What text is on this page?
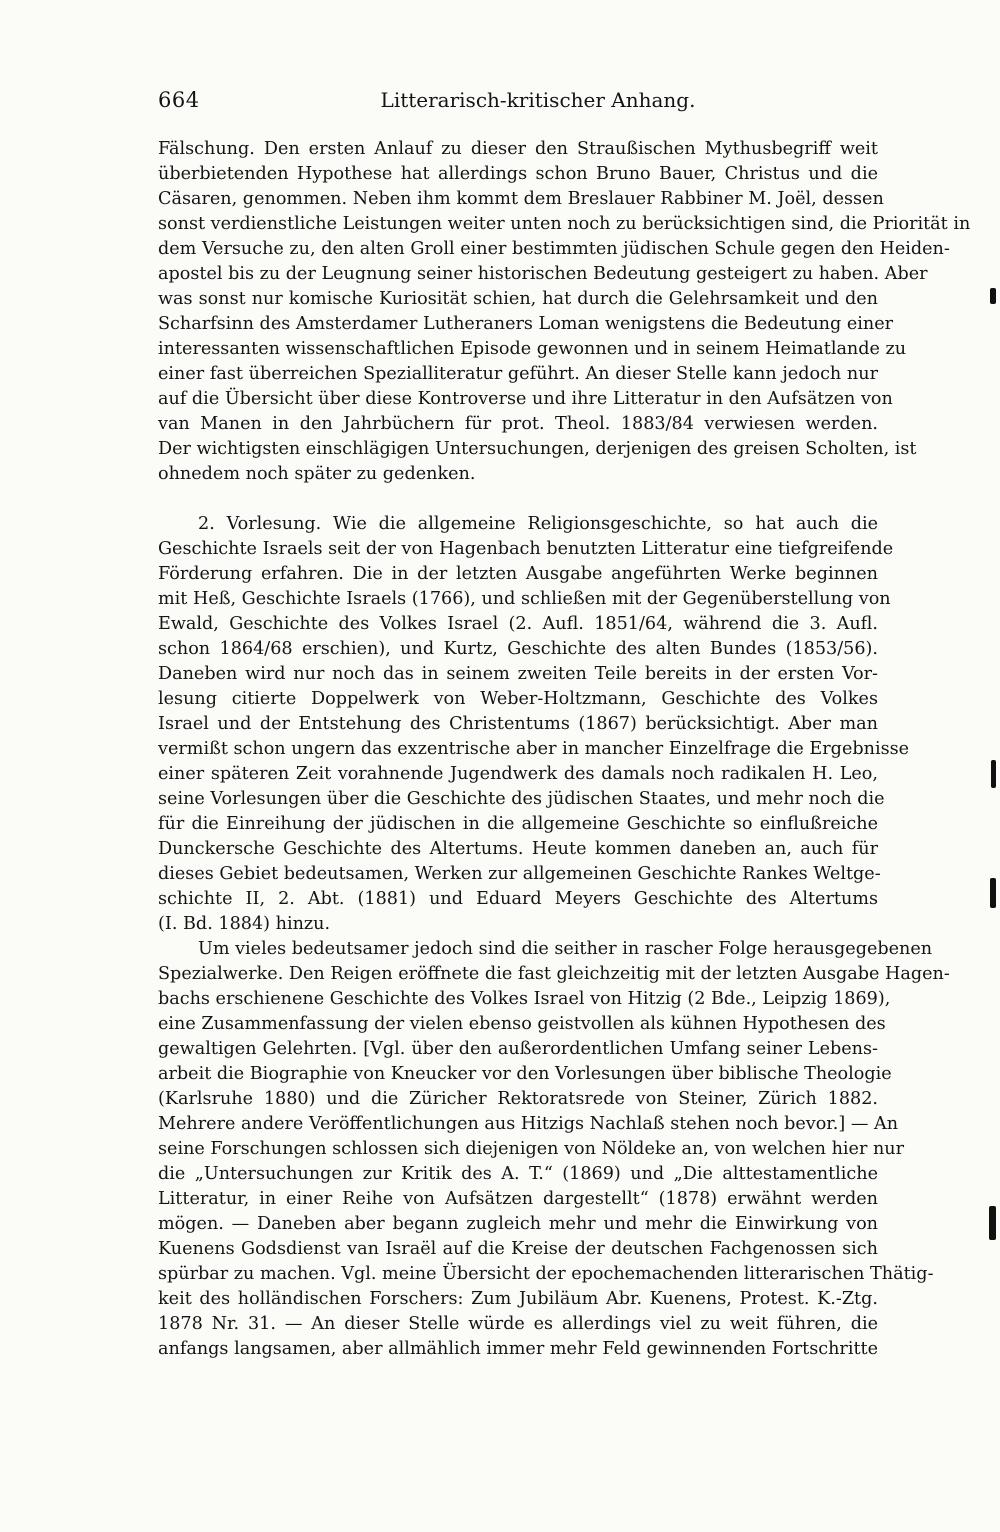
664	Litterarisch-kritischer Anhang.
Fälschung. Den ersten Anlauf zu dieser den Straußischen Mythusbegriff weit
überbietenden Hypothese hat allerdings schon Bruno Bauer, Christus und die
Cäsaren, genommen. Neben ihm kommt dem Breslauer Rabbiner M. Joël, dessen
sonst verdienstliche Leistungen weiter unten noch zu berücksichtigen sind, die Priorität in
dem Versuche zu, den alten Groll einer bestimmten jüdischen Schule gegen den Heiden-
apostel bis zu der Leugnung seiner historischen Bedeutung gesteigert zu haben. Aber
was sonst nur komische Kuriosität schien, hat durch die Gelehrsamkeit und den
Scharfsinn des Amsterdamer Lutheraners Loman wenigstens die Bedeutung einer
interessanten wissenschaftlichen Episode gewonnen und in seinem Heimatlande zu
einer fast überreichen Spezialliteratur geführt. An dieser Stelle kann jedoch nur
auf die Übersicht über diese Kontroverse und ihre Litteratur in den Aufsätzen von
van Manen in den Jahrbüchern für prot. Theol. 1883/84 verwiesen werden.
Der wichtigsten einschlägigen Untersuchungen, derjenigen des greisen Scholten, ist
ohnedem noch später zu gedenken.
2. Vorlesung. Wie die allgemeine Religionsgeschichte, so hat auch die
Geschichte Israels seit der von Hagenbach benutzten Litteratur eine tiefgreifende
Förderung erfahren. Die in der letzten Ausgabe angeführten Werke beginnen
mit Heß, Geschichte Israels (1766), und schließen mit der Gegenüberstellung von
Ewald, Geschichte des Volkes Israel (2. Aufl. 1851/64, während die 3. Aufl.
schon 1864/68 erschien), und Kurtz, Geschichte des alten Bundes (1853/56).
Daneben wird nur noch das in seinem zweiten Teile bereits in der ersten Vor-
lesung citierte Doppelwerk von Weber-Holtzmann, Geschichte des Volkes
Israel und der Entstehung des Christentums (1867) berücksichtigt. Aber man
vermißt schon ungern das exzentrische aber in mancher Einzelfrage die Ergebnisse
einer späteren Zeit vorahnende Jugendwerk des damals noch radikalen H. Leo,
seine Vorlesungen über die Geschichte des jüdischen Staates, und mehr noch die
für die Einreihung der jüdischen in die allgemeine Geschichte so einflußreiche
Dunckersche Geschichte des Altertums. Heute kommen daneben an, auch für
dieses Gebiet bedeutsamen, Werken zur allgemeinen Geschichte Rankes Weltge-
schichte II, 2. Abt. (1881) und Eduard Meyers Geschichte des Altertums
(I. Bd. 1884) hinzu.
Um vieles bedeutsamer jedoch sind die seither in rascher Folge herausgegebenen
Spezialwerke. Den Reigen eröffnete die fast gleichzeitig mit der letzten Ausgabe Hagen-
bachs erschienene Geschichte des Volkes Israel von Hitzig (2 Bde., Leipzig 1869),
eine Zusammenfassung der vielen ebenso geistvollen als kühnen Hypothesen des
gewaltigen Gelehrten. [Vgl. über den außerordentlichen Umfang seiner Lebens-
arbeit die Biographie von Kneucker vor den Vorlesungen über biblische Theologie
(Karlsruhe 1880) und die Züricher Rektoratsrede von Steiner, Zürich 1882.
Mehrere andere Veröffentlichungen aus Hitzigs Nachlaß stehen noch bevor.] — An
seine Forschungen schlossen sich diejenigen von Nöldeke an, von welchen hier nur
die „Untersuchungen zur Kritik des A. T.“ (1869) und „Die alttestamentliche
Litteratur, in einer Reihe von Aufsätzen dargestellt“ (1878) erwähnt werden
mögen. — Daneben aber begann zugleich mehr und mehr die Einwirkung von
Kuenens Godsdienst van Israël auf die Kreise der deutschen Fachgenossen sich
spürbar zu machen. Vgl. meine Übersicht der epochemachenden litterarischen Thätig-
keit des holländischen Forschers: Zum Jubiläum Abr. Kuenens, Protest. K.-Ztg.
1878 Nr. 31. — An dieser Stelle würde es allerdings viel zu weit führen, die
anfangs langsamen, aber allmählich immer mehr Feld gewinnenden Fortschritte
